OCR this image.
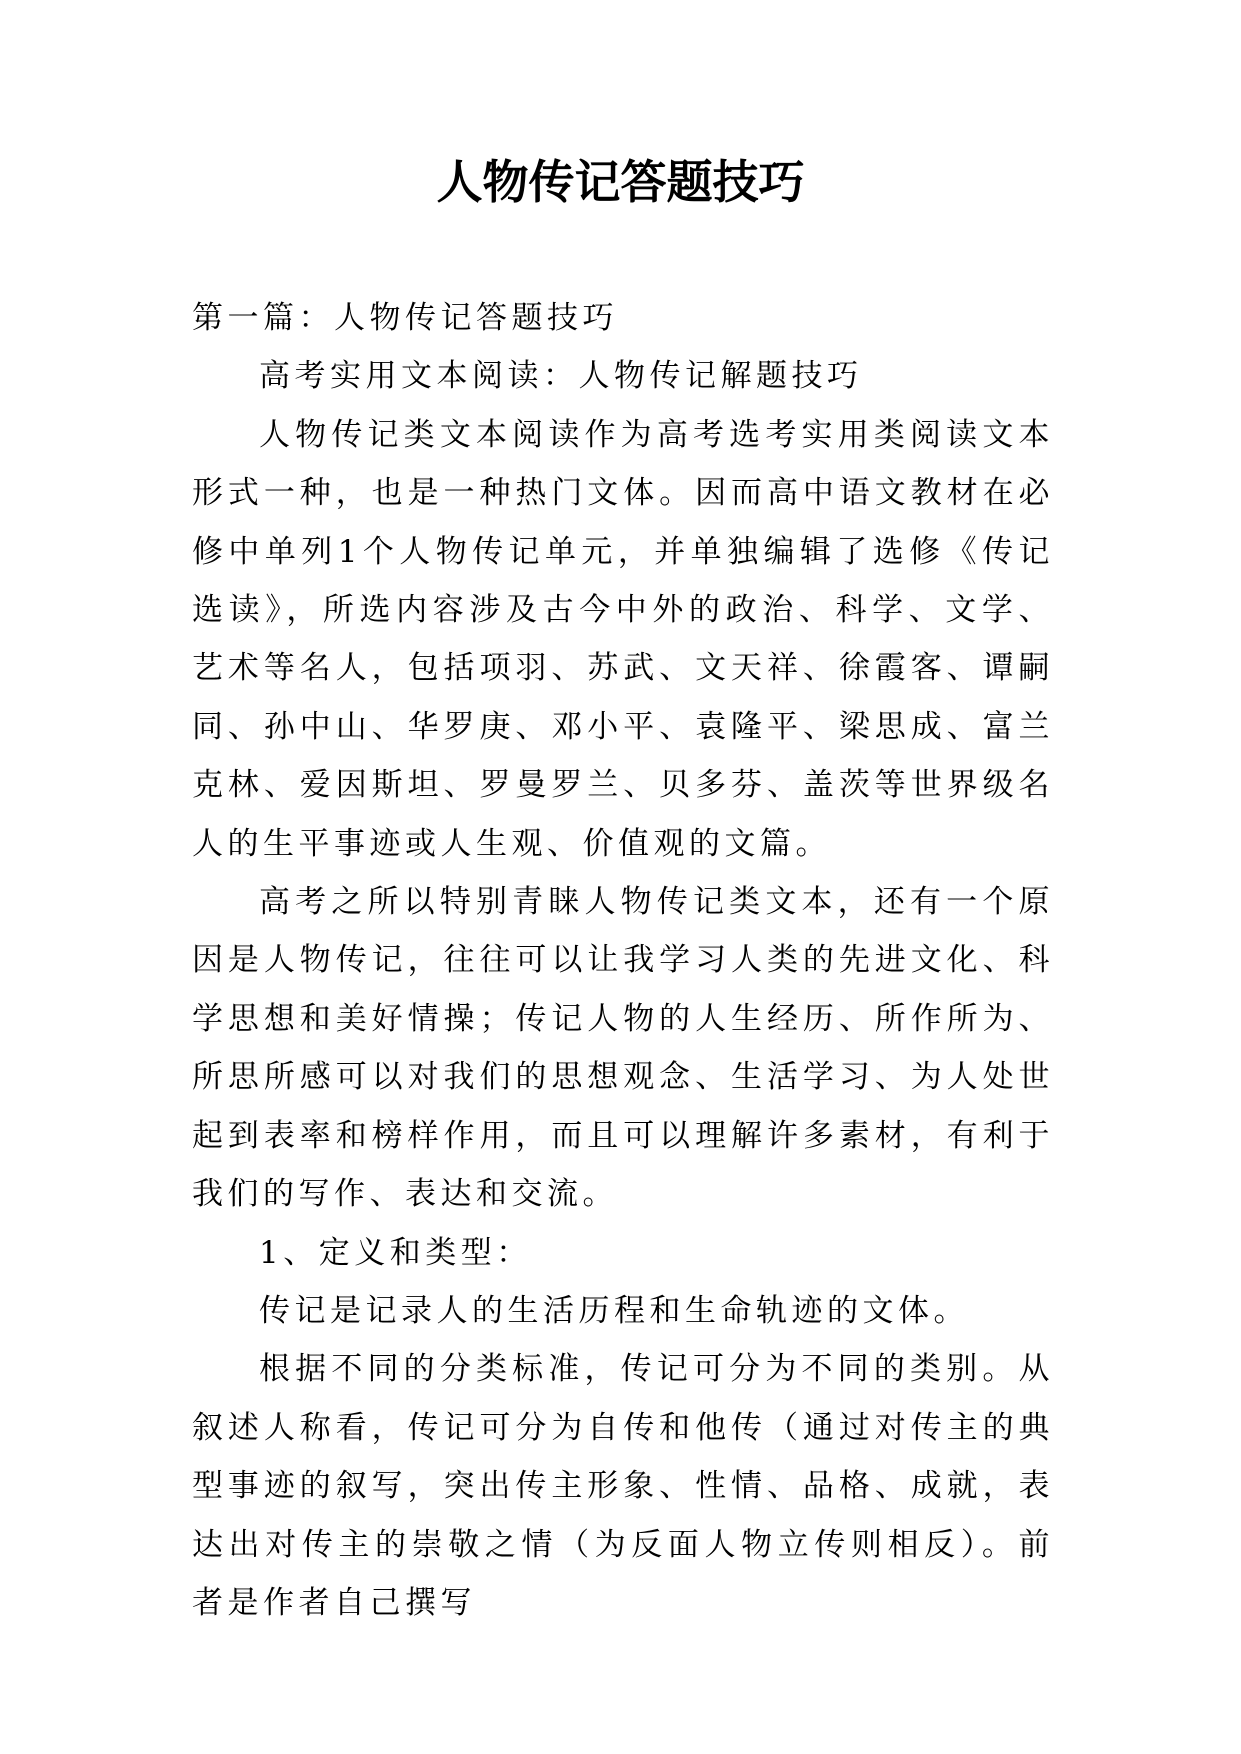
人物传记答题技巧

第一篇：人物传记答题技巧

高考实用文本阅读：人物传记解题技巧

人物传记类文本阅读作为高考选考实用类阅读文本形式一种，也是一种热门文体。因而高中语文教材在必修中单列1个人物传记单元，并单独编辑了选修《传记选读》，所选内容涉及古今中外的政治、科学、文学、艺术等名人，包括项羽、苏武、文天祥、徐霞客、谭嗣同、孙中山、华罗庚、邓小平、袁隆平、梁思成、富兰克林、爱因斯坦、罗曼罗兰、贝多芬、盖茨等世界级名人的生平事迹或人生观、价值观的文篇。

高考之所以特别青睐人物传记类文本，还有一个原因是人物传记，往往可以让我学习人类的先进文化、科学思想和美好情操；传记人物的人生经历、所作所为、所思所感可以对我们的思想观念、生活学习、为人处世起到表率和榜样作用，而且可以理解许多素材，有利于我们的写作、表达和交流。

1、定义和类型：

传记是记录人的生活历程和生命轨迹的文体。

根据不同的分类标准，传记可分为不同的类别。从叙述人称看，传记可分为自传和他传（通过对传主的典型事迹的叙写，突出传主形象、性情、品格、成就，表达出对传主的崇敬之情（为反面人物立传则相反）。前者是作者自己撰写
